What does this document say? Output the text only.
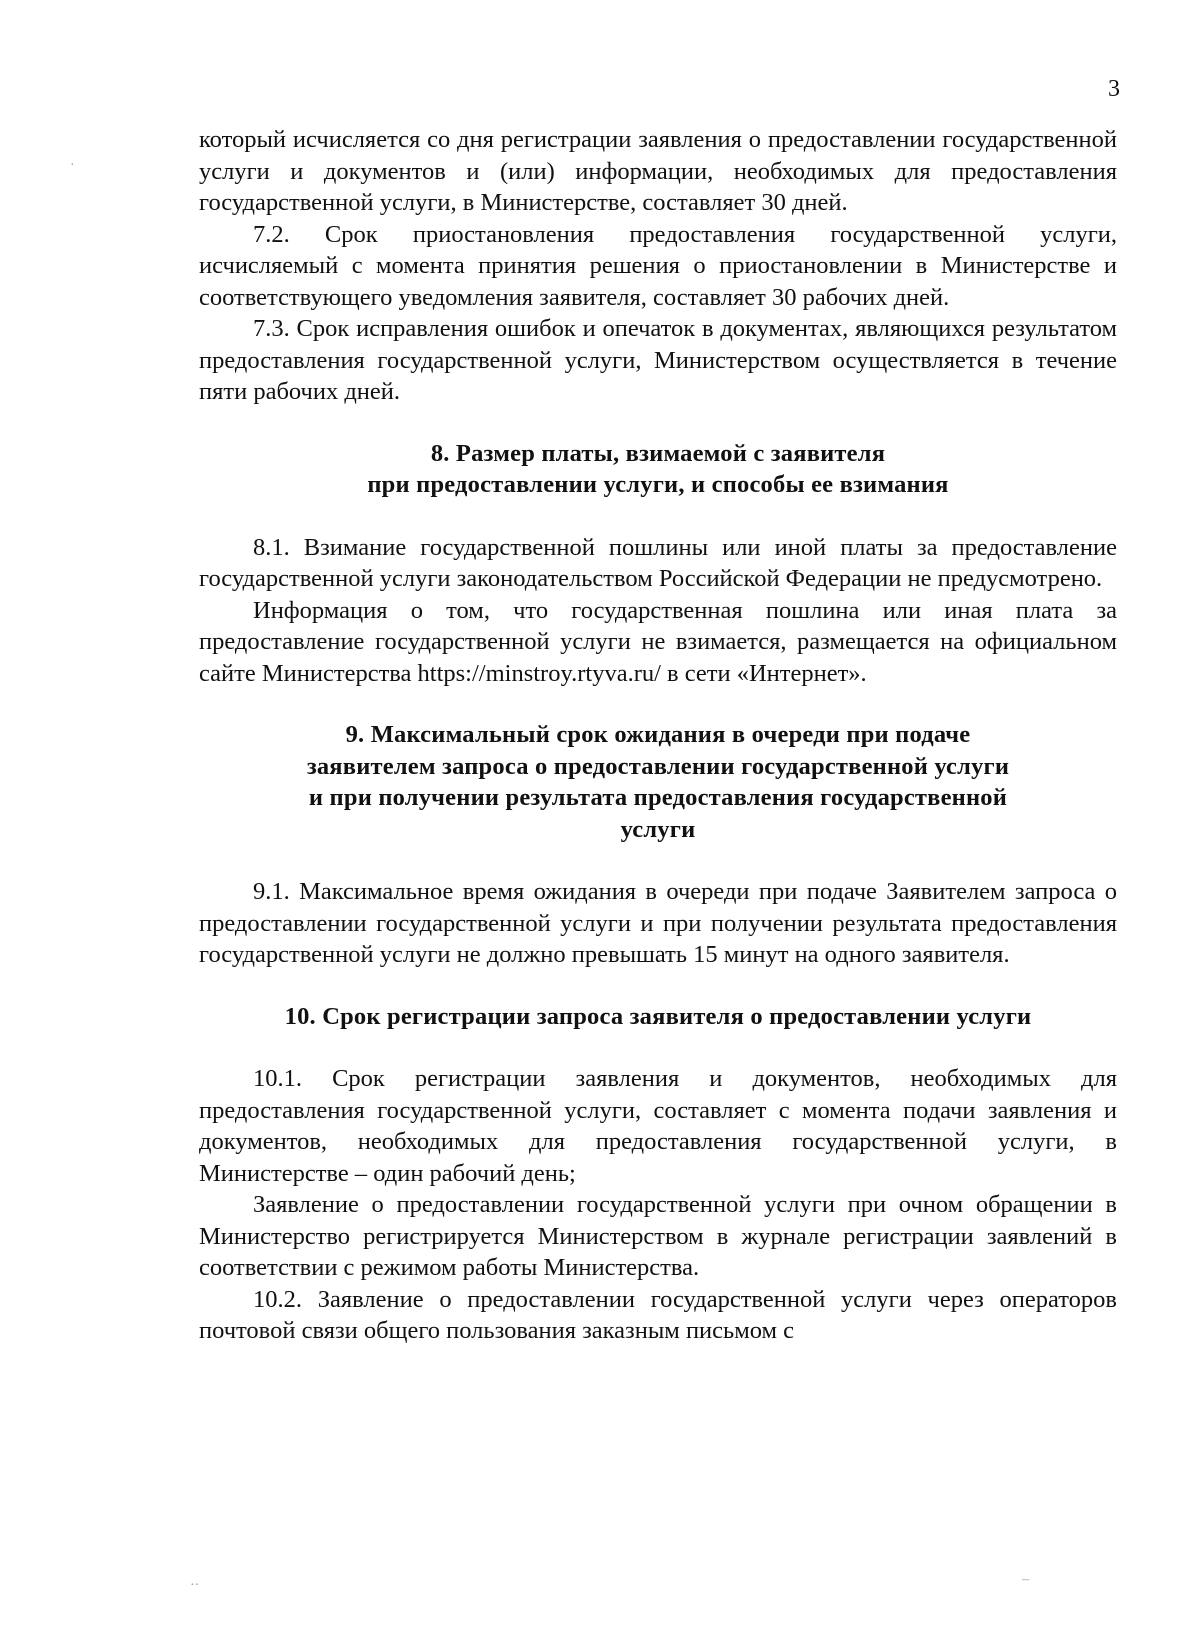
3

который исчисляется со дня регистрации заявления о предоставлении государственной услуги и документов и (или) информации, необходимых для предоставления государственной услуги, в Министерстве, составляет 30 дней.

7.2. Срок приостановления предоставления государственной услуги, исчисляемый с момента принятия решения о приостановлении в Министерстве и соответствующего уведомления заявителя, составляет 30 рабочих дней.

7.3. Срок исправления ошибок и опечаток в документах, являющихся результатом предоставления государственной услуги, Министерством осуществляется в течение пяти рабочих дней.

8. Размер платы, взимаемой с заявителя

при предоставлении услуги, и способы ее взимания

8.1. Взимание государственной пошлины или иной платы за предоставление государственной услуги законодательством Российской Федерации не предусмотрено.

Информация о том, что государственная пошлина или иная плата за предоставление государственной услуги не взимается, размещается на официальном сайте Министерства https://minstroy.rtyva.ru/ в сети «Интернет».

9. Максимальный срок ожидания в очереди при подаче

заявителем запроса о предоставлении государственной услуги

и при получении результата предоставления государственной

услуги

9.1. Максимальное время ожидания в очереди при подаче Заявителем запроса о предоставлении государственной услуги и при получении результата предоставления государственной услуги не должно превышать 15 минут на одного заявителя.

10. Срок регистрации запроса заявителя о предоставлении услуги

10.1. Срок регистрации заявления и документов, необходимых для предоставления государственной услуги, составляет с момента подачи заявления и документов, необходимых для предоставления государственной услуги, в Министерстве – один рабочий день;

Заявление о предоставлении государственной услуги при очном обращении в Министерство регистрируется Министерством в журнале регистрации заявлений в соответствии с режимом работы Министерства.

10.2. Заявление о предоставлении государственной услуги через операторов почтовой связи общего пользования заказным письмом с

·
··	–
